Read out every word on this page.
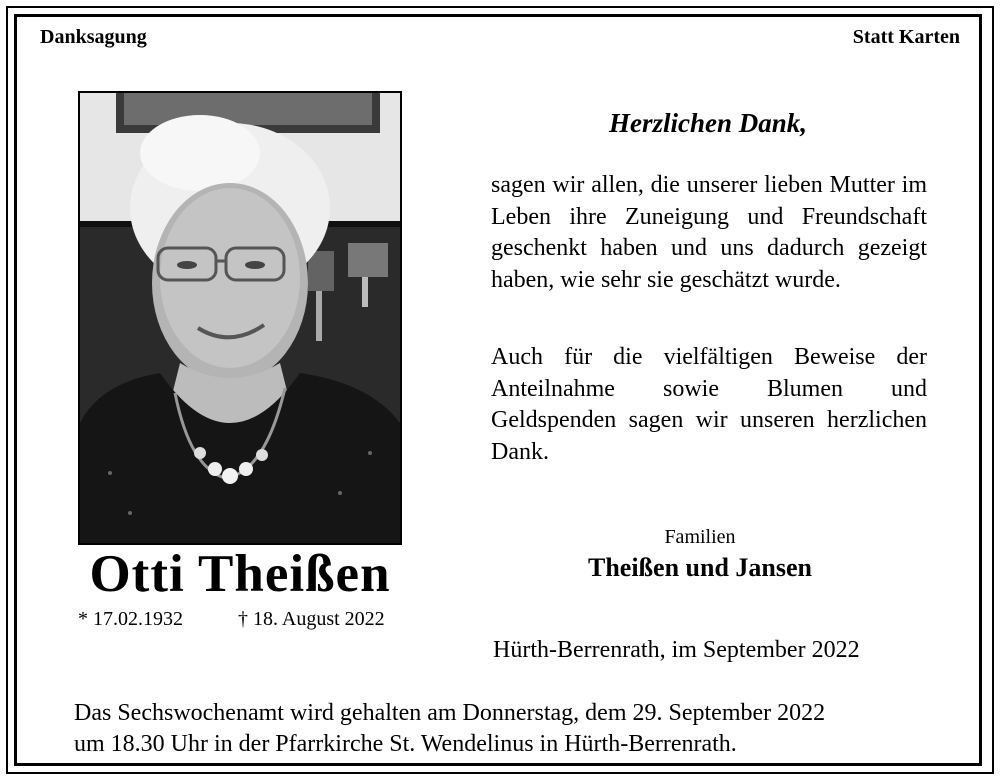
Danksagung	Statt Karten
Otti Theißen
* 17.02.1932	† 18. August 2022
Herzlichen Dank,
sagen wir allen, die unserer lieben Mutter im Leben ihre Zuneigung und Freundschaft geschenkt haben und uns dadurch gezeigt haben, wie sehr sie geschätzt wurde.
Auch für die vielfältigen Beweise der Anteilnahme sowie Blumen und Geldspenden sagen wir unseren herzlichen Dank.
Familien
Theißen und Jansen
Hürth-Berrenrath, im September 2022
Das Sechswochenamt wird gehalten am Donnerstag, dem 29. September 2022
um 18.30 Uhr in der Pfarrkirche St. Wendelinus in Hürth-Berrenrath.
